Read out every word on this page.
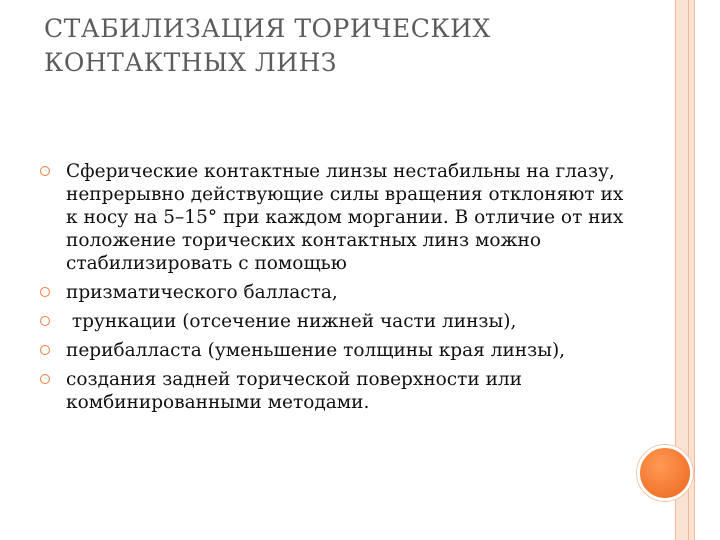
СТАБИЛИЗАЦИЯ ТОРИЧЕСКИХ
КОНТАКТНЫХ ЛИНЗ
Сферические контактные линзы нестабильны на глазу, непрерывно действующие силы вращения отклоняют их к носу на 5–15° при каждом моргании. В отличие от них положение торических контактных линз можно стабилизировать с помощью
призматического балласта,
трункации (отсечение нижней части линзы),
перибалласта (уменьшение толщины края линзы),
создания задней торической поверхности или комбинированными методами.
